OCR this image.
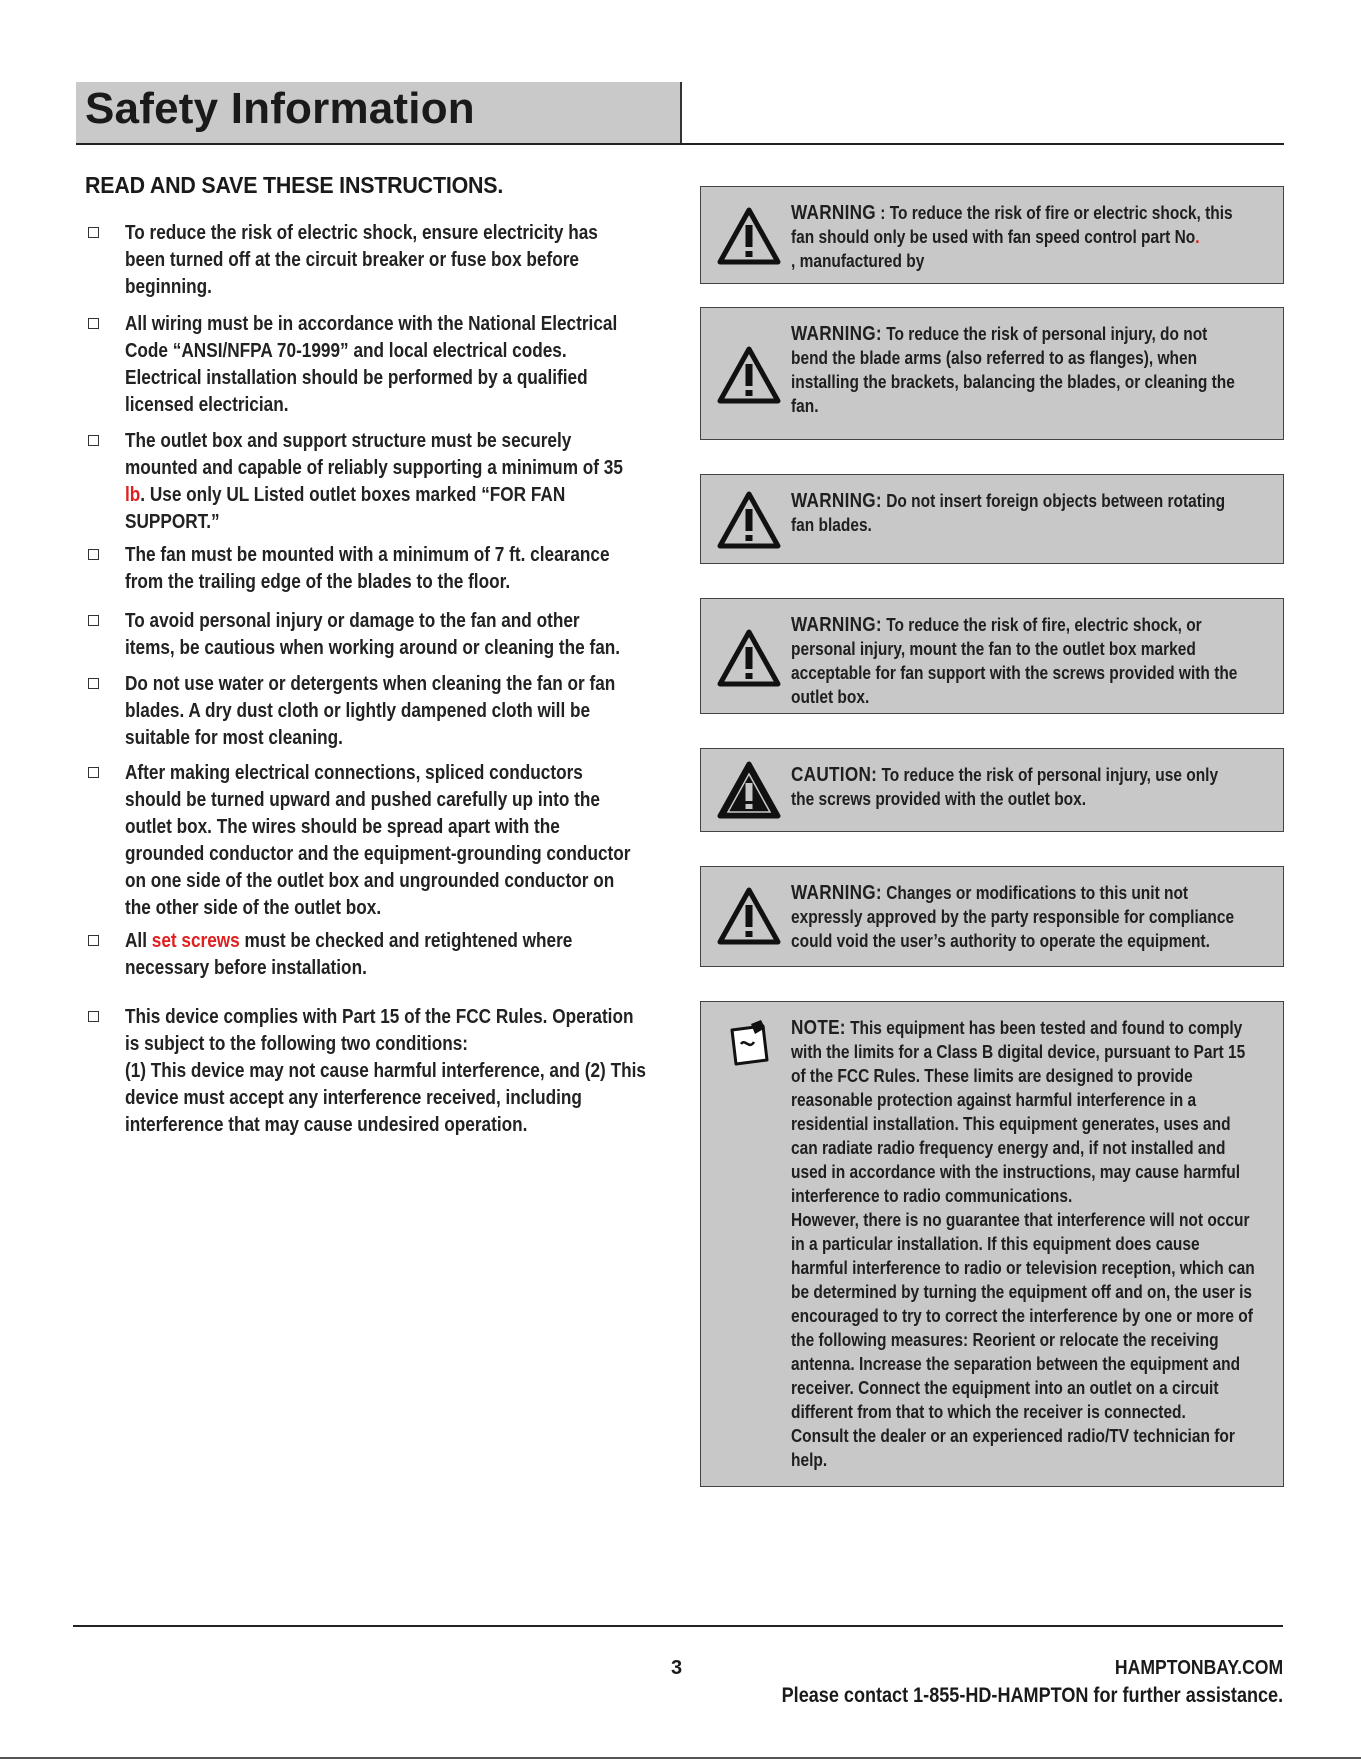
Safety Information
READ AND SAVE THESE INSTRUCTIONS.
To reduce the risk of electric shock, ensure electricity has
been turned off at the circuit breaker or fuse box before
beginning.
All wiring must be in accordance with the National Electrical
Code “ANSI/NFPA 70-1999” and local electrical codes.
Electrical installation should be performed by a qualified
licensed electrician.
The outlet box and support structure must be securely
mounted and capable of reliably supporting a minimum of 35
lb. Use only UL Listed outlet boxes marked “FOR FAN
SUPPORT.”
The fan must be mounted with a minimum of 7 ft. clearance
from the trailing edge of the blades to the floor.
To avoid personal injury or damage to the fan and other
items, be cautious when working around or cleaning the fan.
Do not use water or detergents when cleaning the fan or fan
blades. A dry dust cloth or lightly dampened cloth will be
suitable for most cleaning.
After making electrical connections, spliced conductors
should be turned upward and pushed carefully up into the
outlet box. The wires should be spread apart with the
grounded conductor and the equipment-grounding conductor
on one side of the outlet box and ungrounded conductor on
the other side of the outlet box.
All set screws must be checked and retightened where
necessary before installation.
This device complies with Part 15 of the FCC Rules. Operation
is subject to the following two conditions:
(1) This device may not cause harmful interference, and (2) This
device must accept any interference received, including
interference that may cause undesired operation.
WARNING : To reduce the risk of fire or electric shock, this
fan should only be used with fan speed control part No.
, manufactured by
WARNING: To reduce the risk of personal injury, do not
bend the blade arms (also referred to as flanges), when
installing the brackets, balancing the blades, or cleaning the
fan.
WARNING: Do not insert foreign objects between rotating
fan blades.
WARNING: To reduce the risk of fire, electric shock, or
personal injury, mount the fan to the outlet box marked
acceptable for fan support with the screws provided with the
outlet box.
CAUTION: To reduce the risk of personal injury, use only
the screws provided with the outlet box.
WARNING: Changes or modifications to this unit not
expressly approved by the party responsible for compliance
could void the user’s authority to operate the equipment.
NOTE: This equipment has been tested and found to comply
with the limits for a Class B digital device, pursuant to Part 15
of the FCC Rules. These limits are designed to provide
reasonable protection against harmful interference in a
residential installation. This equipment generates, uses and
can radiate radio frequency energy and, if not installed and
used in accordance with the instructions, may cause harmful
interference to radio communications.
However, there is no guarantee that interference will not occur
in a particular installation. If this equipment does cause
harmful interference to radio or television reception, which can
be determined by turning the equipment off and on, the user is
encouraged to try to correct the interference by one or more of
the following measures: Reorient or relocate the receiving
antenna. Increase the separation between the equipment and
receiver. Connect the equipment into an outlet on a circuit
different from that to which the receiver is connected.
Consult the dealer or an experienced radio/TV technician for
help.
3	HAMPTONBAY.COM
Please contact 1-855-HD-HAMPTON for further assistance.
